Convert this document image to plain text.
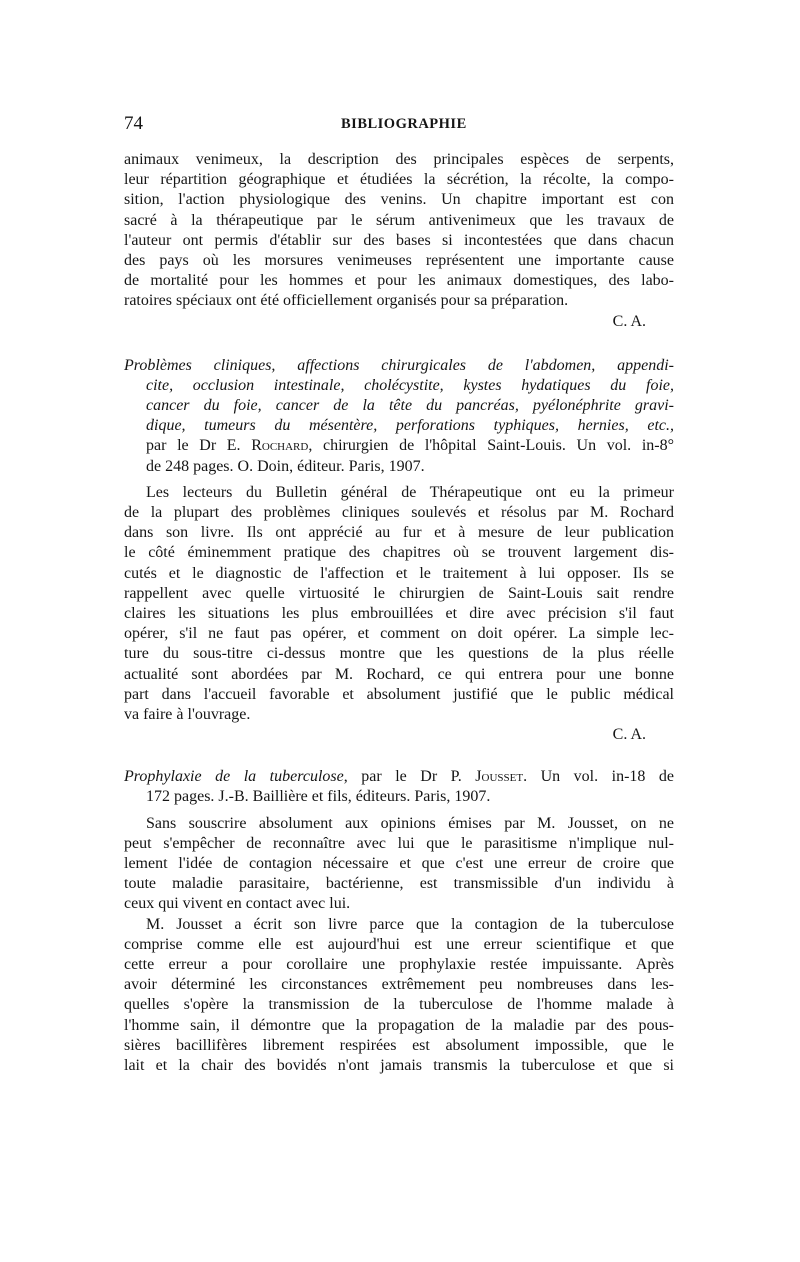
74	BIBLIOGRAPHIE
animaux venimeux, la description des principales espèces de serpents,
leur répartition géographique et étudiées la sécrétion, la récolte, la compo-
sition, l'action physiologique des venins. Un chapitre important est con
sacré à la thérapeutique par le sérum antivenimeux que les travaux de
l'auteur ont permis d'établir sur des bases si incontestées que dans chacun
des pays où les morsures venimeuses représentent une importante cause
de mortalité pour les hommes et pour les animaux domestiques, des labo-
ratoires spéciaux ont été officiellement organisés pour sa préparation.
C. A.
Problèmes cliniques, affections chirurgicales de l'abdomen, appendi-
cite, occlusion intestinale, cholécystite, kystes hydatiques du foie,
cancer du foie, cancer de la tête du pancréas, pyélonéphrite gravi-
dique, tumeurs du mésentère, perforations typhiques, hernies, etc.,
par le Dr E. Rochard, chirurgien de l'hôpital Saint-Louis. Un vol. in-8°
de 248 pages. O. Doin, éditeur. Paris, 1907.
Les lecteurs du Bulletin général de Thérapeutique ont eu la primeur
de la plupart des problèmes cliniques soulevés et résolus par M. Rochard
dans son livre. Ils ont apprécié au fur et à mesure de leur publication
le côté éminemment pratique des chapitres où se trouvent largement dis-
cutés et le diagnostic de l'affection et le traitement à lui opposer. Ils se
rappellent avec quelle virtuosité le chirurgien de Saint-Louis sait rendre
claires les situations les plus embrouillées et dire avec précision s'il faut
opérer, s'il ne faut pas opérer, et comment on doit opérer. La simple lec-
ture du sous-titre ci-dessus montre que les questions de la plus réelle
actualité sont abordées par M. Rochard, ce qui entrera pour une bonne
part dans l'accueil favorable et absolument justifié que le public médical
va faire à l'ouvrage.
C. A.
Prophylaxie de la tuberculose, par le Dr P. Jousset. Un vol. in-18 de
172 pages. J.-B. Baillière et fils, éditeurs. Paris, 1907.
Sans souscrire absolument aux opinions émises par M. Jousset, on ne
peut s'empêcher de reconnaître avec lui que le parasitisme n'implique nul-
lement l'idée de contagion nécessaire et que c'est une erreur de croire que
toute maladie parasitaire, bactérienne, est transmissible d'un individu à
ceux qui vivent en contact avec lui.
M. Jousset a écrit son livre parce que la contagion de la tuberculose
comprise comme elle est aujourd'hui est une erreur scientifique et que
cette erreur a pour corollaire une prophylaxie restée impuissante. Après
avoir déterminé les circonstances extrêmement peu nombreuses dans les-
quelles s'opère la transmission de la tuberculose de l'homme malade à
l'homme sain, il démontre que la propagation de la maladie par des pous-
sières bacillifères librement respirées est absolument impossible, que le
lait et la chair des bovidés n'ont jamais transmis la tuberculose et que si
